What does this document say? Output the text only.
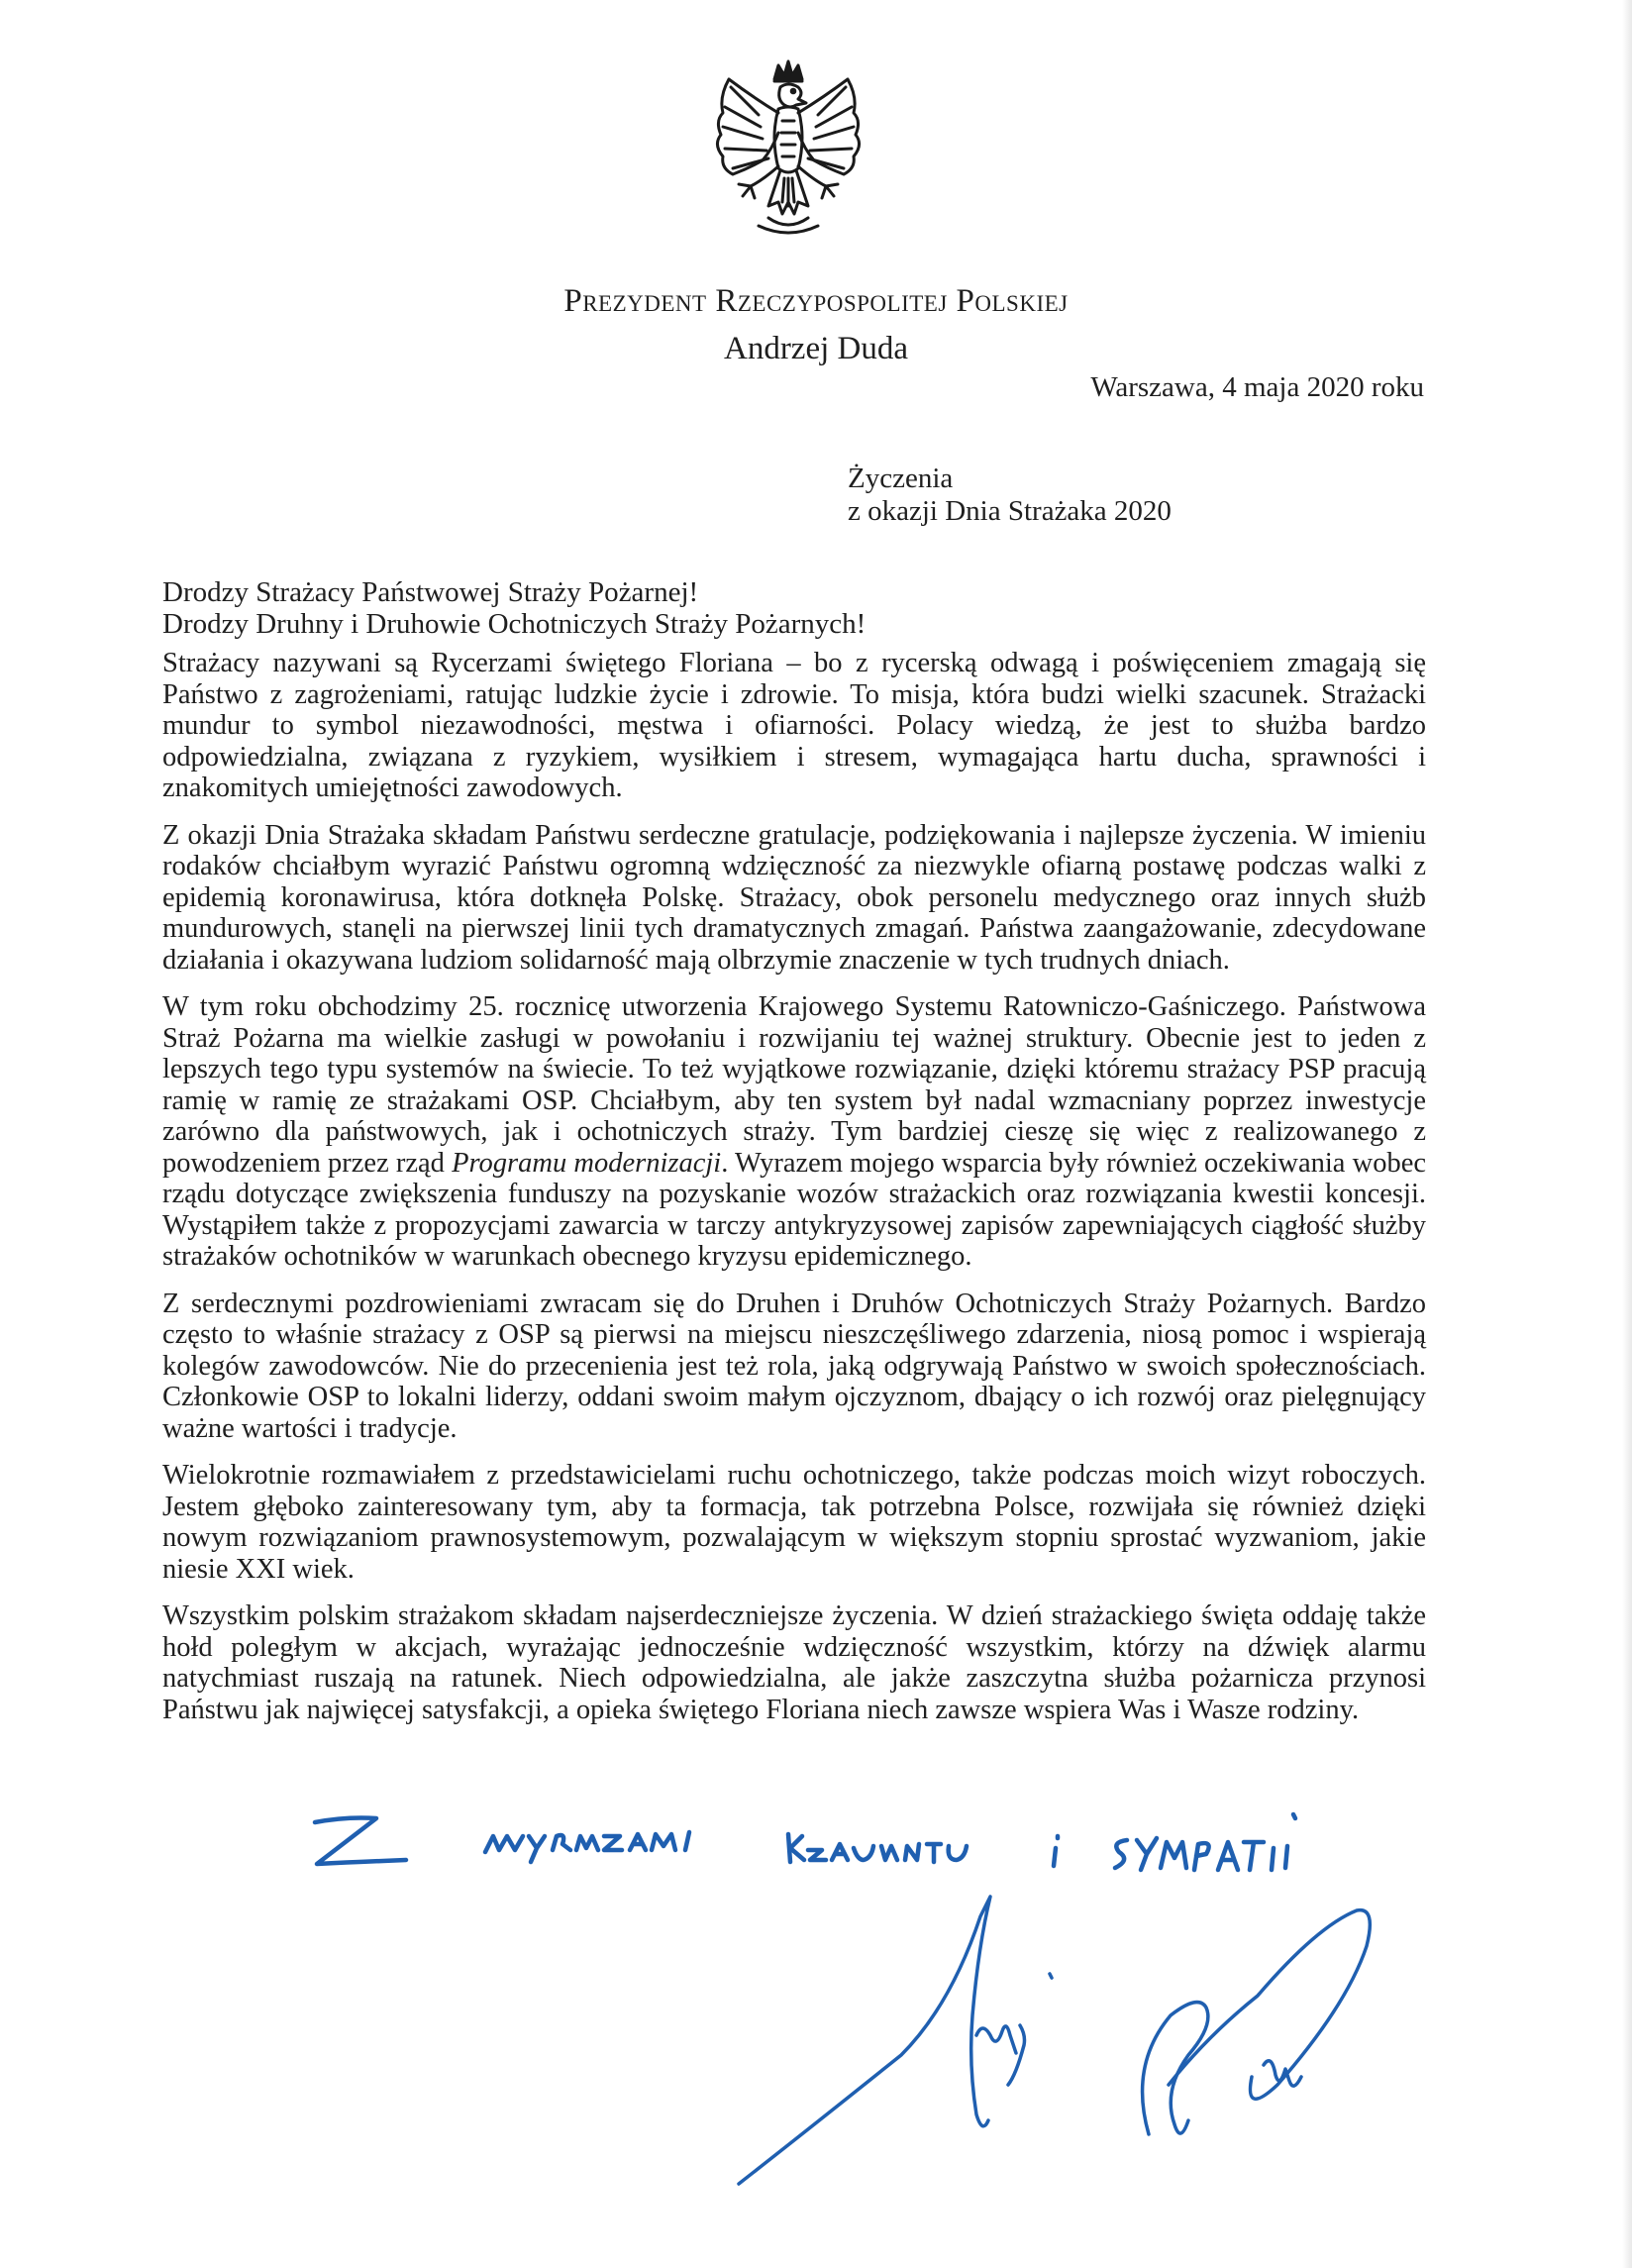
Prezydent Rzeczypospolitej Polskiej
Andrzej Duda
Warszawa, 4 maja 2020 roku
Życzenia
z okazji Dnia Strażaka 2020
Drodzy Strażacy Państwowej Straży Pożarnej!
Drodzy Druhny i Druhowie Ochotniczych Straży Pożarnych!

Strażacy nazywani są Rycerzami świętego Floriana – bo z rycerską odwagą i poświęceniem zmagają się Państwo z zagrożeniami, ratując ludzkie życie i zdrowie. To misja, która budzi wielki szacunek. Strażacki mundur to symbol niezawodności, męstwa i ofiarności. Polacy wiedzą, że jest to służba bardzo odpowiedzialna, związana z ryzykiem, wysiłkiem i stresem, wymagająca hartu ducha, sprawności i znakomitych umiejętności zawodowych.

Z okazji Dnia Strażaka składam Państwu serdeczne gratulacje, podziękowania i najlepsze życzenia. W imieniu rodaków chciałbym wyrazić Państwu ogromną wdzięczność za niezwykle ofiarną postawę podczas walki z epidemią koronawirusa, która dotknęła Polskę. Strażacy, obok personelu medycznego oraz innych służb mundurowych, stanęli na pierwszej linii tych dramatycznych zmagań. Państwa zaangażowanie, zdecydowane działania i okazywana ludziom solidarność mają olbrzymie znaczenie w tych trudnych dniach.

W tym roku obchodzimy 25. rocznicę utworzenia Krajowego Systemu Ratowniczo-Gaśniczego. Państwowa Straż Pożarna ma wielkie zasługi w powołaniu i rozwijaniu tej ważnej struktury. Obecnie jest to jeden z lepszych tego typu systemów na świecie. To też wyjątkowe rozwiązanie, dzięki któremu strażacy PSP pracują ramię w ramię ze strażakami OSP. Chciałbym, aby ten system był nadal wzmacniany poprzez inwestycje zarówno dla państwowych, jak i ochotniczych straży. Tym bardziej cieszę się więc z realizowanego z powodzeniem przez rząd Programu modernizacji. Wyrazem mojego wsparcia były również oczekiwania wobec rządu dotyczące zwiększenia funduszy na pozyskanie wozów strażackich oraz rozwiązania kwestii koncesji. Wystąpiłem także z propozycjami zawarcia w tarczy antykryzysowej zapisów zapewniających ciągłość służby strażaków ochotników w warunkach obecnego kryzysu epidemicznego.

Z serdecznymi pozdrowieniami zwracam się do Druhen i Druhów Ochotniczych Straży Pożarnych. Bardzo często to właśnie strażacy z OSP są pierwsi na miejscu nieszczęśliwego zdarzenia, niosą pomoc i wspierają kolegów zawodowców. Nie do przecenienia jest też rola, jaką odgrywają Państwo w swoich społecznościach. Członkowie OSP to lokalni liderzy, oddani swoim małym ojczyznom, dbający o ich rozwój oraz pielęgnujący ważne wartości i tradycje.

Wielokrotnie rozmawiałem z przedstawicielami ruchu ochotniczego, także podczas moich wizyt roboczych. Jestem głęboko zainteresowany tym, aby ta formacja, tak potrzebna Polsce, rozwijała się również dzięki nowym rozwiązaniom prawnosystemowym, pozwalającym w większym stopniu sprostać wyzwaniom, jakie niesie XXI wiek.

Wszystkim polskim strażakom składam najserdeczniejsze życzenia. W dzień strażackiego święta oddaję także hołd poległym w akcjach, wyrażając jednocześnie wdzięczność wszystkim, którzy na dźwięk alarmu natychmiast ruszają na ratunek. Niech odpowiedzialna, ale jakże zaszczytna służba pożarnicza przynosi Państwu jak najwięcej satysfakcji, a opieka świętego Floriana niech zawsze wspiera Was i Wasze rodziny.
